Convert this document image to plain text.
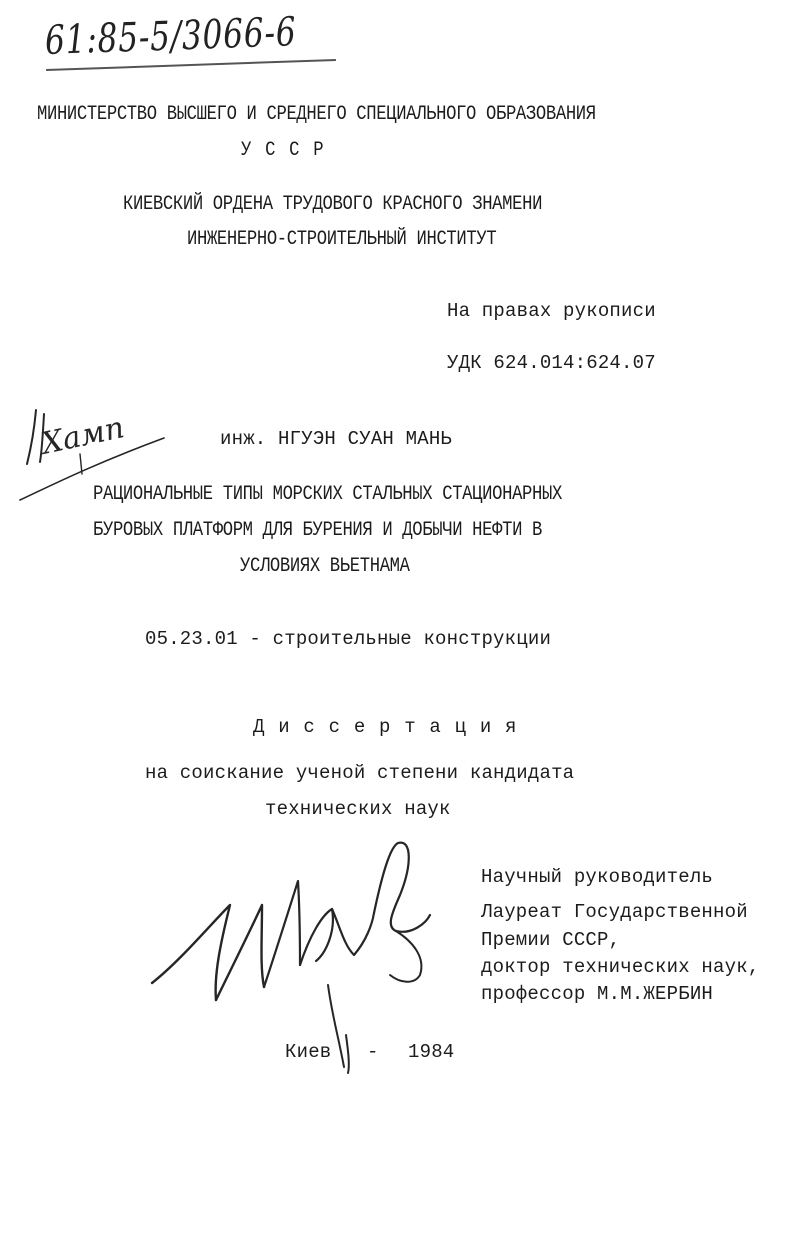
61:85-5/3066-6
МИНИСТЕРСТВО ВЫСШЕГО И СРЕДНЕГО СПЕЦИАЛЬНОГО ОБРАЗОВАНИЯ
У С С Р
КИЕВСКИЙ ОРДЕНА ТРУДОВОГО КРАСНОГО ЗНАМЕНИ
ИНЖЕНЕРНО-СТРОИТЕЛЬНЫЙ ИНСТИТУТ
На правах рукописи
УДК 624.014:624.07
Хамп	инж. НГУЭН СУАН МАНЬ
РАЦИОНАЛЬНЫЕ ТИПЫ МОРСКИХ СТАЛЬНЫХ СТАЦИОНАРНЫХ
БУРОВЫХ ПЛАТФОРМ ДЛЯ БУРЕНИЯ И ДОБЫЧИ НЕФТИ В
УСЛОВИЯХ ВЬЕТНАМА
05.23.01 - строительные конструкции
Д и с с е р т а ц и я
на соискание ученой степени кандидата
технических наук
Научный руководитель
Лауреат Государственной
Премии СССР,
доктор технических наук,
профессор М.М.ЖЕРБИН
Киев - 1984
